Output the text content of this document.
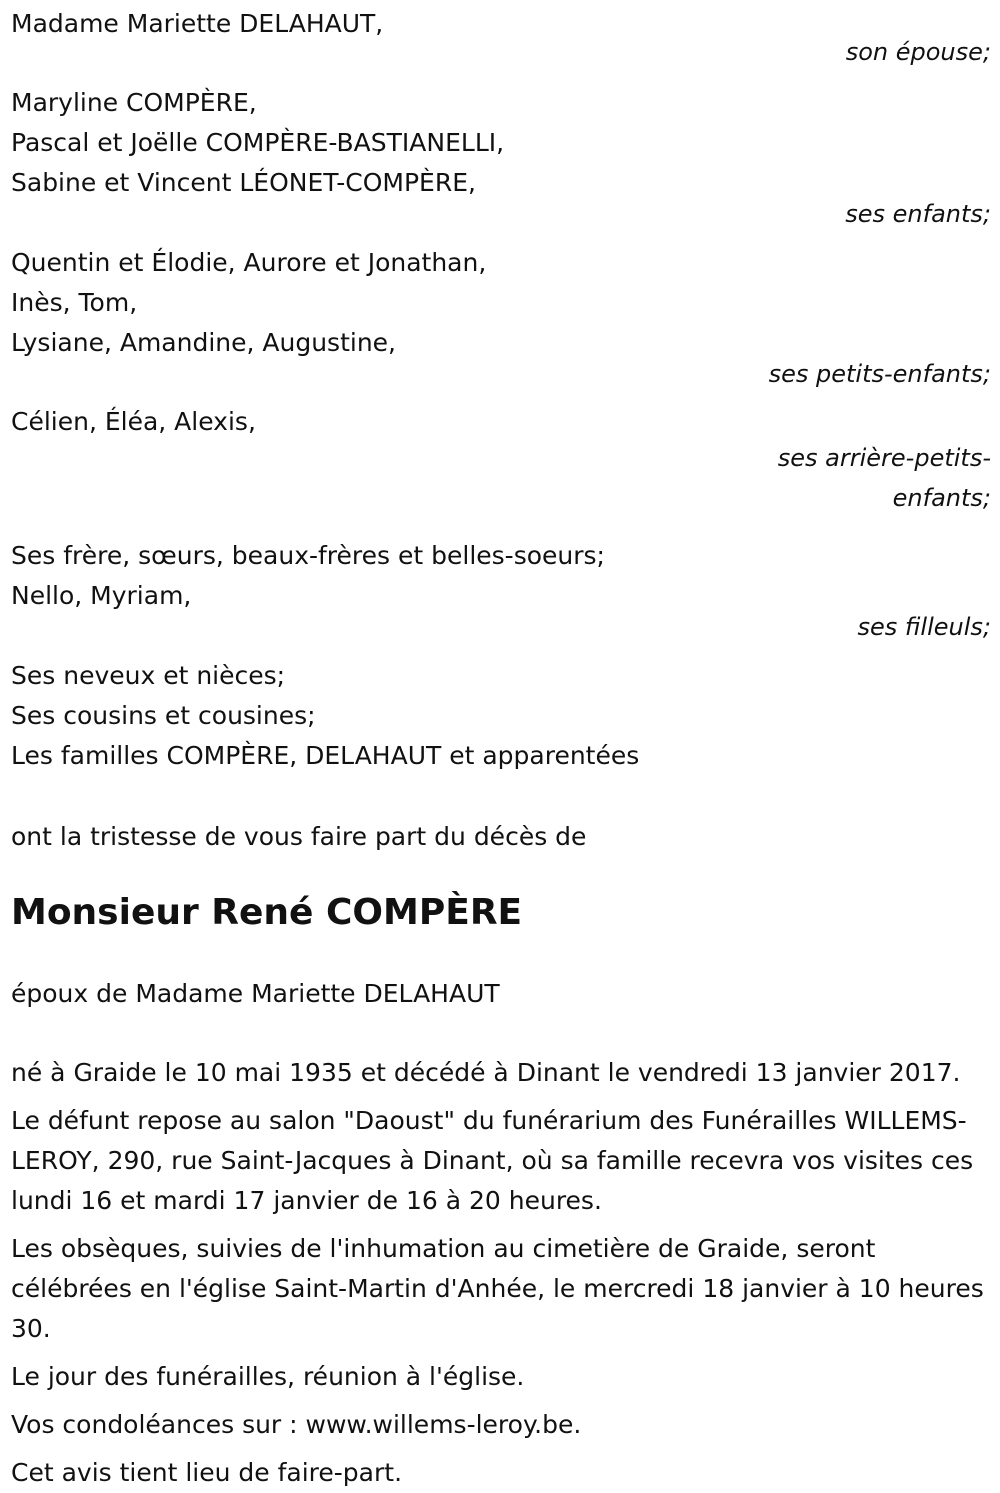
Madame Mariette DELAHAUT,
son épouse;
Maryline COMPÈRE,
Pascal et Joëlle COMPÈRE-BASTIANELLI,
Sabine et Vincent LÉONET-COMPÈRE,
ses enfants;
Quentin et Élodie, Aurore et Jonathan,
Inès, Tom,
Lysiane, Amandine, Augustine,
ses petits-enfants;
Célien, Éléa, Alexis,
ses arrière-petits-enfants;
Ses frère, sœurs, beaux-frères et belles-soeurs;
Nello, Myriam,
ses filleuls;
Ses neveux et nièces;
Ses cousins et cousines;
Les familles COMPÈRE, DELAHAUT et apparentées
ont la tristesse de vous faire part du décès de
Monsieur René COMPÈRE
époux de Madame Mariette DELAHAUT
né à Graide le 10 mai 1935 et décédé à Dinant le vendredi 13 janvier 2017.
Le défunt repose au salon "Daoust" du funérarium des Funérailles WILLEMS-LEROY, 290, rue Saint-Jacques à Dinant, où sa famille recevra vos visites ces lundi 16 et mardi 17 janvier de 16 à 20 heures.
Les obsèques, suivies de l'inhumation au cimetière de Graide, seront célébrées en l'église Saint-Martin d'Anhée, le mercredi 18 janvier à 10 heures 30.
Le jour des funérailles, réunion à l'église.
Vos condoléances sur : www.willems-leroy.be.
Cet avis tient lieu de faire-part.
